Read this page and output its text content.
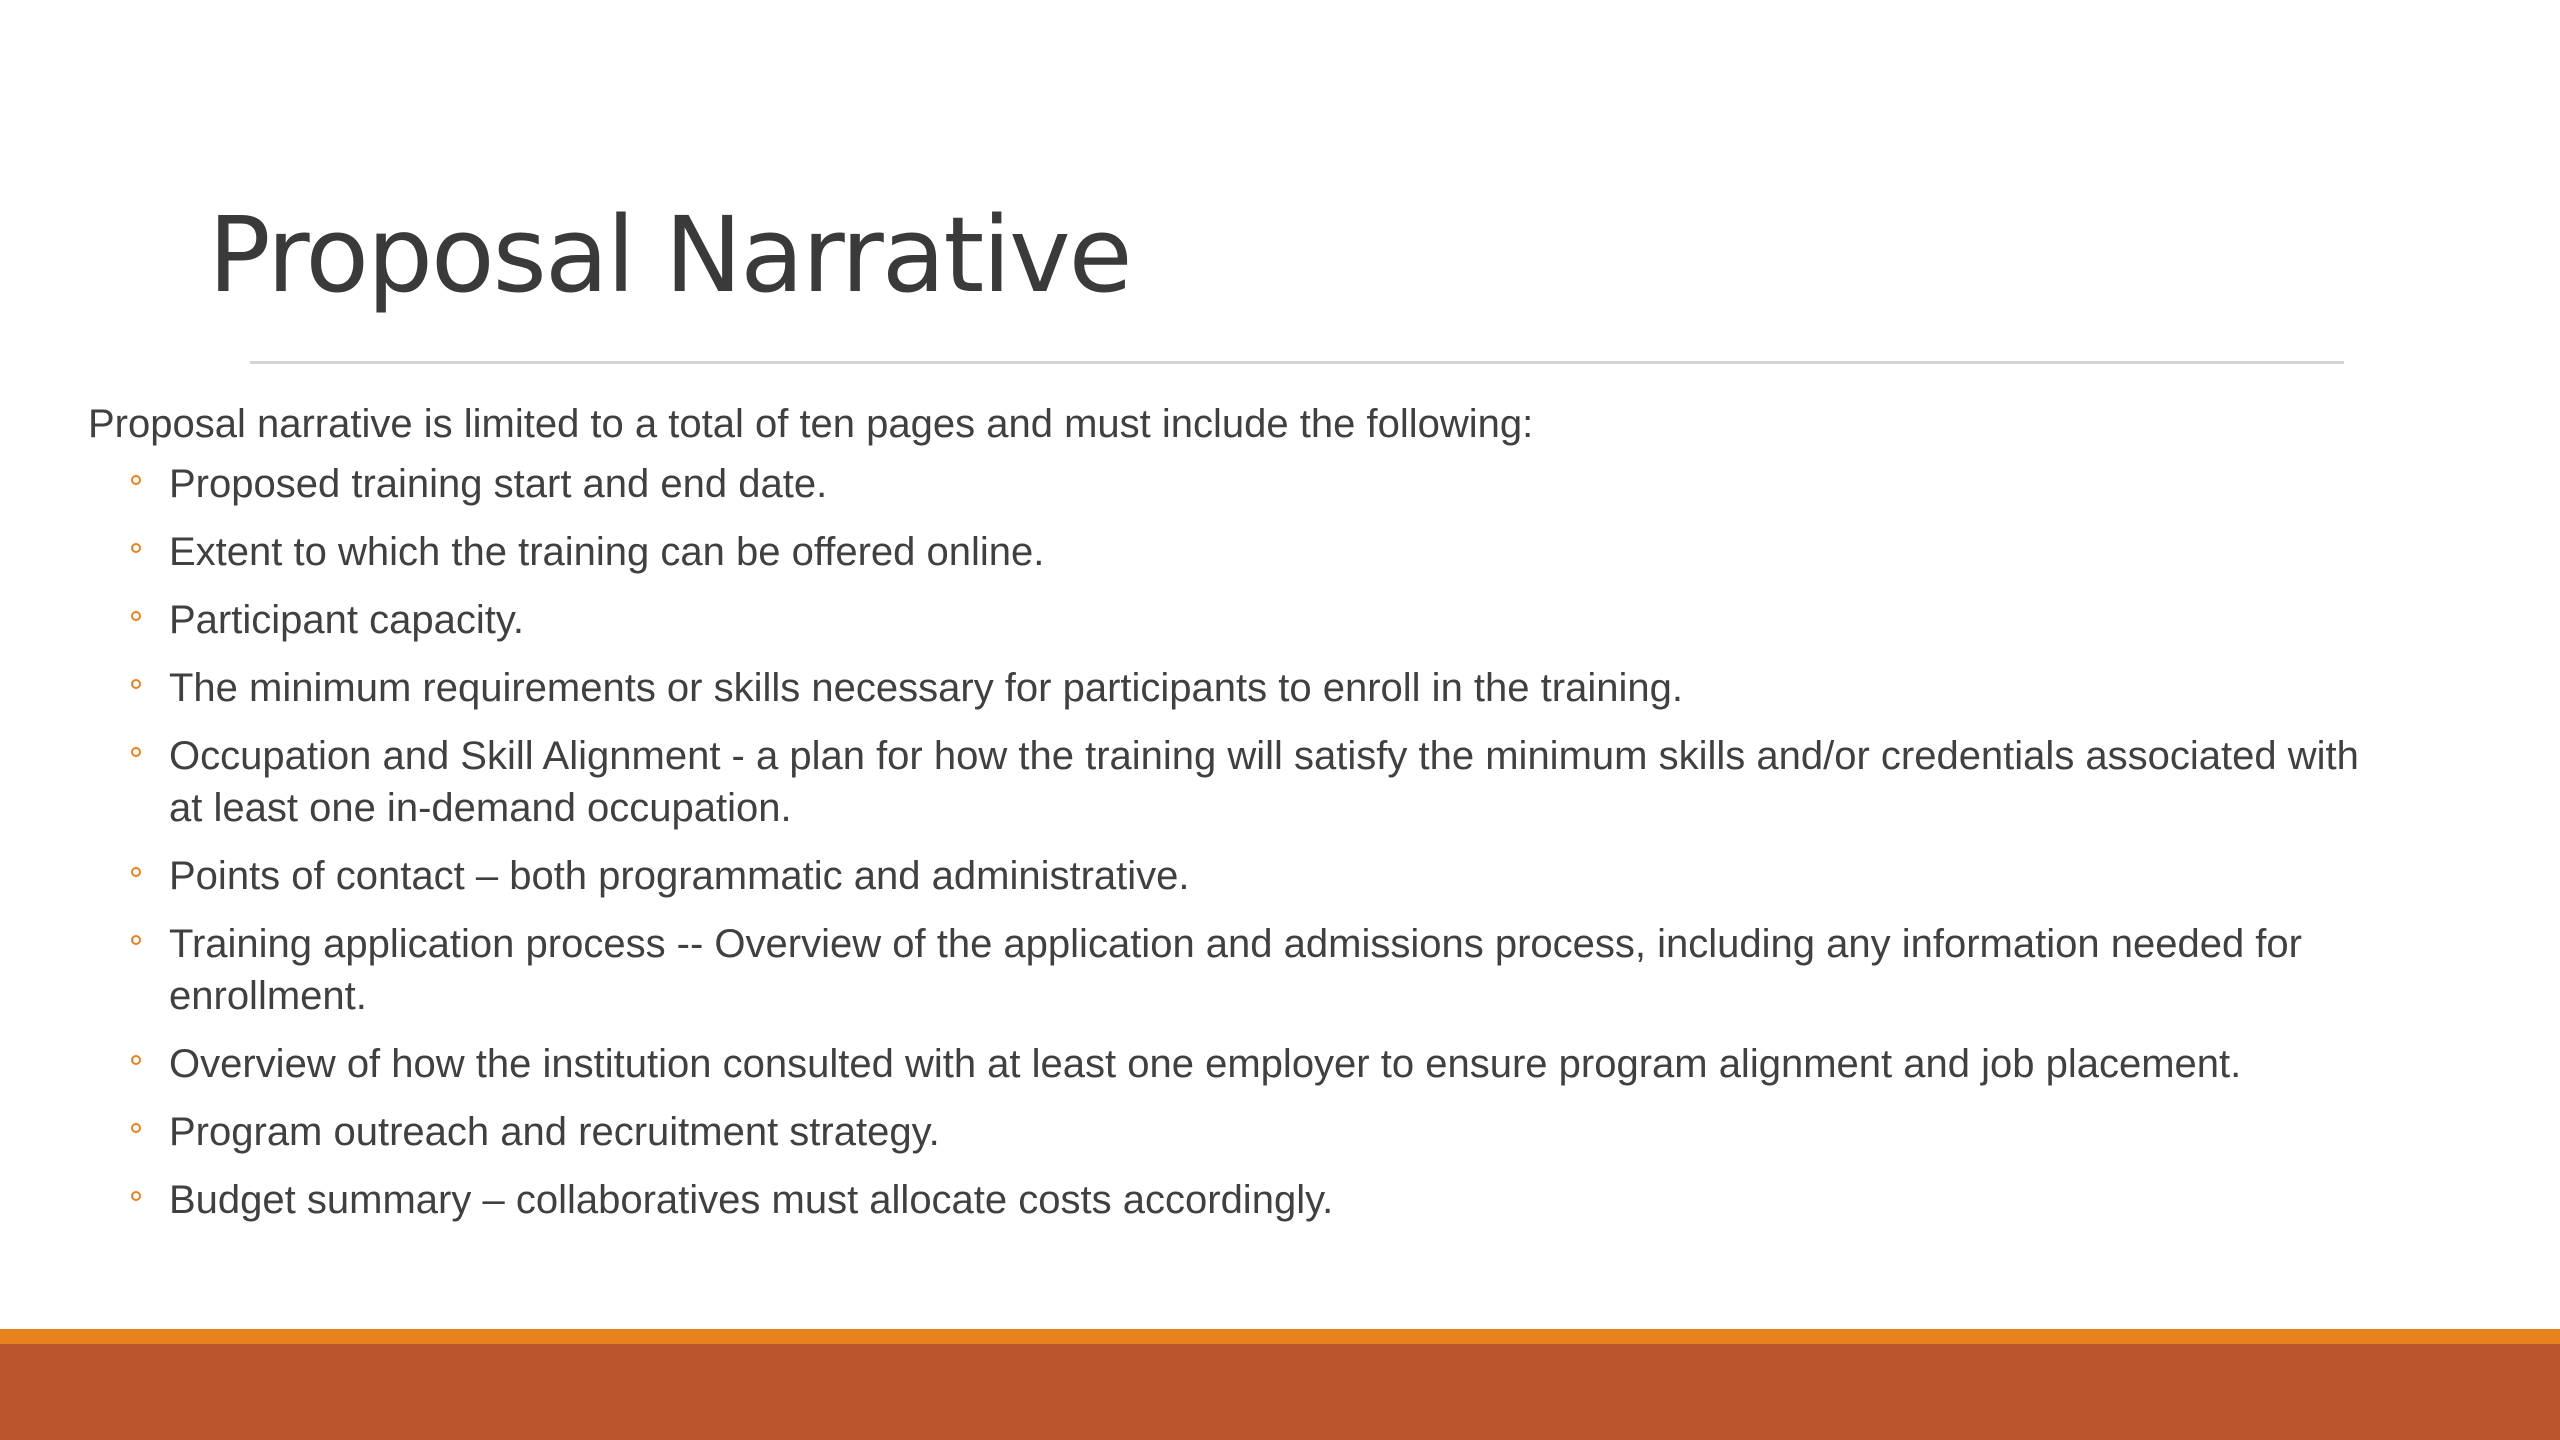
Proposal Narrative

Proposal narrative is limited to a total of ten pages and must include the following:

Proposed training start and end date.
Extent to which the training can be offered online.
Participant capacity.
The minimum requirements or skills necessary for participants to enroll in the training.
Occupation and Skill Alignment - a plan for how the training will satisfy the minimum skills and/or credentials associated with at least one in-demand occupation.
Points of contact – both programmatic and administrative.
Training application process -- Overview of the application and admissions process, including any information needed for enrollment.
Overview of how the institution consulted with at least one employer to ensure program alignment and job placement.
Program outreach and recruitment strategy.
Budget summary – collaboratives must allocate costs accordingly.
